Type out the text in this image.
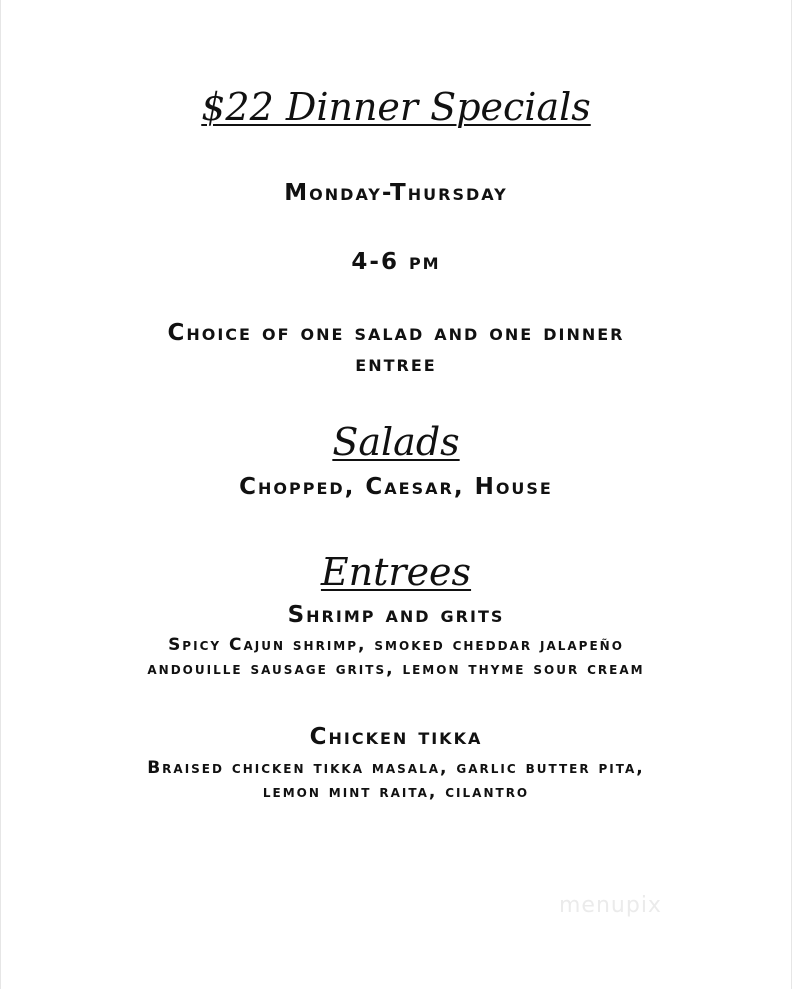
$22 Dinner Specials
Monday-Thursday
4-6 pm
Choice of one salad and one dinner
entree
Salads
Chopped, Caesar, House
Entrees
Shrimp and grits
Spicy Cajun shrimp, smoked cheddar jalapeño
andouille sausage grits, lemon thyme sour cream
Chicken tikka
Braised chicken tikka masala, garlic butter pita,
lemon mint raita, cilantro
menupix
